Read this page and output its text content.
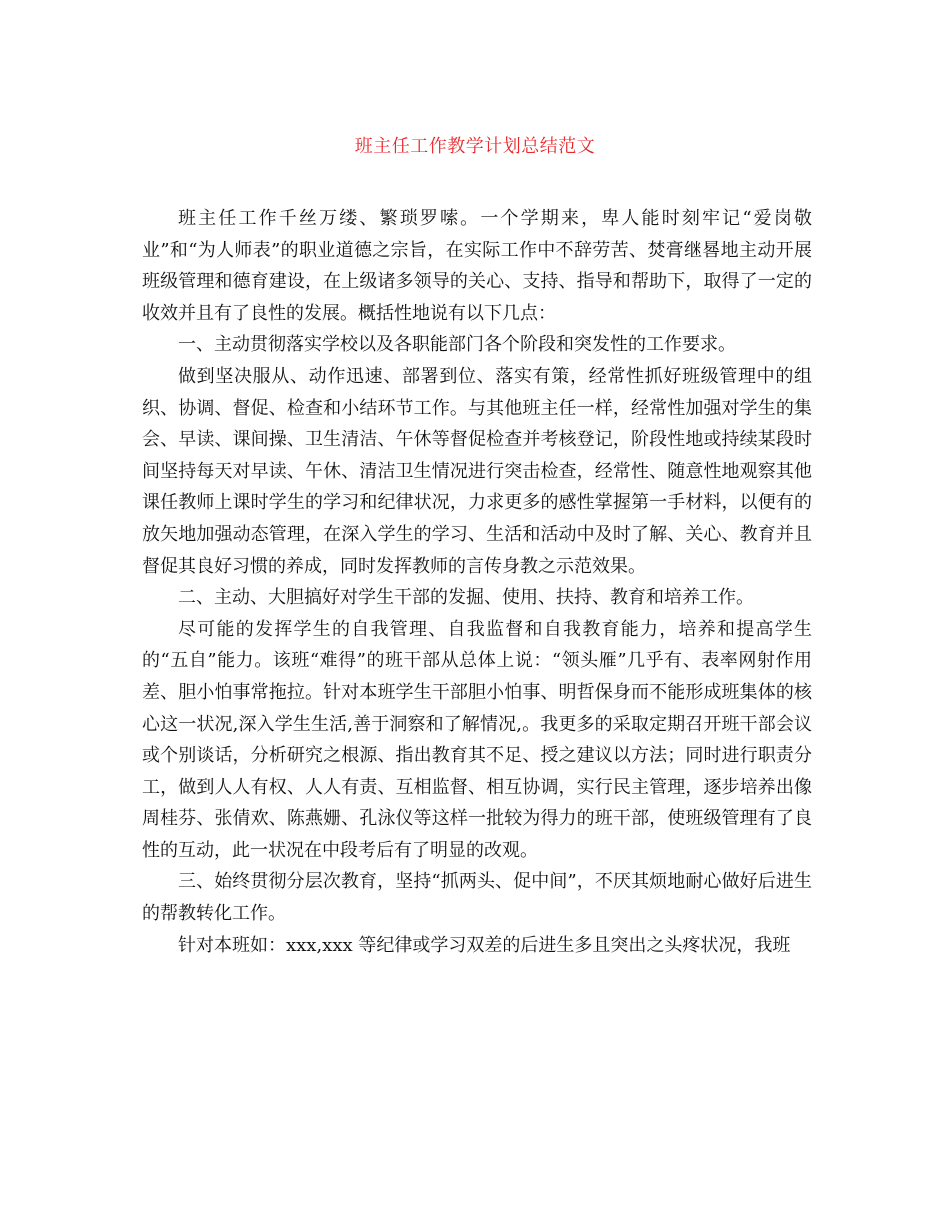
班主任工作教学计划总结范文

班主任工作千丝万缕、繁琐罗嗦。一个学期来，卑人能时刻牢记“爱岗敬业”和“为人师表”的职业道德之宗旨，在实际工作中不辞劳苦、焚膏继晷地主动开展班级管理和德育建设，在上级诸多领导的关心、支持、指导和帮助下，取得了一定的收效并且有了良性的发展。概括性地说有以下几点：

一、主动贯彻落实学校以及各职能部门各个阶段和突发性的工作要求。

做到坚决服从、动作迅速、部署到位、落实有策，经常性抓好班级管理中的组织、协调、督促、检查和小结环节工作。与其他班主任一样，经常性加强对学生的集会、早读、课间操、卫生清洁、午休等督促检查并考核登记，阶段性地或持续某段时间坚持每天对早读、午休、清洁卫生情况进行突击检查，经常性、随意性地观察其他课任教师上课时学生的学习和纪律状况，力求更多的感性掌握第一手材料，以便有的放矢地加强动态管理，在深入学生的学习、生活和活动中及时了解、关心、教育并且督促其良好习惯的养成，同时发挥教师的言传身教之示范效果。

二、主动、大胆搞好对学生干部的发掘、使用、扶持、教育和培养工作。

尽可能的发挥学生的自我管理、自我监督和自我教育能力，培养和提高学生的“五自”能力。该班“难得”的班干部从总体上说：“领头雁”几乎有、表率网射作用差、胆小怕事常拖拉。针对本班学生干部胆小怕事、明哲保身而不能形成班集体的核心这一状况,深入学生生活,善于洞察和了解情况,。我更多的采取定期召开班干部会议或个别谈话，分析研究之根源、指出教育其不足、授之建议以方法；同时进行职责分工，做到人人有权、人人有责、互相监督、相互协调，实行民主管理，逐步培养出像周桂芬、张倩欢、陈燕姗、孔泳仪等这样一批较为得力的班干部，使班级管理有了良性的互动，此一状况在中段考后有了明显的改观。

三、始终贯彻分层次教育，坚持“抓两头、促中间”，不厌其烦地耐心做好后进生的帮教转化工作。

针对本班如：xxx,xxx 等纪律或学习双差的后进生多且突出之头疼状况，我班
